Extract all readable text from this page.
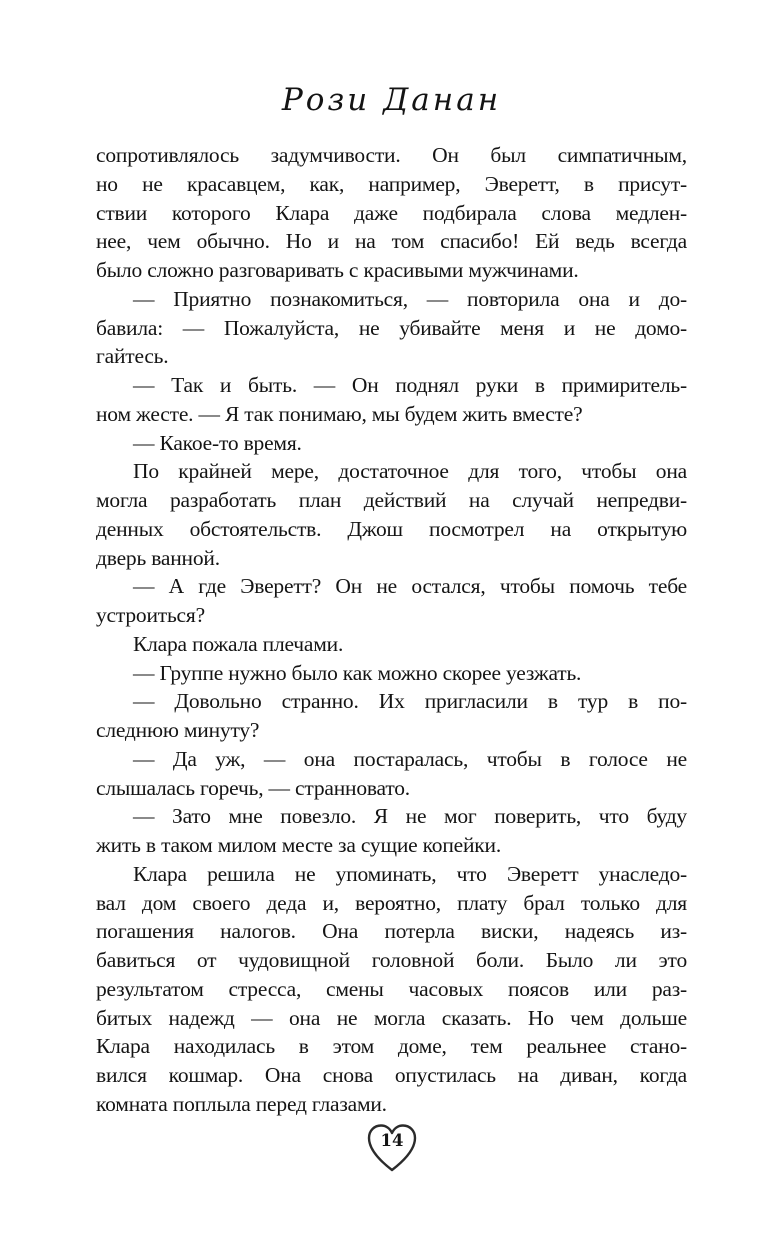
Рози Данан
сопротивлялось задумчивости. Он был симпатичным,
но не красавцем, как, например, Эверетт, в присут-
ствии которого Клара даже подбирала слова медлен-
нее, чем обычно. Но и на том спасибо! Ей ведь всегда
было сложно разговаривать с красивыми мужчинами.
— Приятно познакомиться, — повторила она и до-
бавила: — Пожалуйста, не убивайте меня и не домо-
гайтесь.
— Так и быть. — Он поднял руки в примиритель-
ном жесте. — Я так понимаю, мы будем жить вместе?
— Какое-то время.
По крайней мере, достаточное для того, чтобы она
могла разработать план действий на случай непредви-
денных обстоятельств. Джош посмотрел на открытую
дверь ванной.
— А где Эверетт? Он не остался, чтобы помочь тебе
устроиться?
Клара пожала плечами.
— Группе нужно было как можно скорее уезжать.
— Довольно странно. Их пригласили в тур в по-
следнюю минуту?
— Да уж, — она постаралась, чтобы в голосе не
слышалась горечь, — странновато.
— Зато мне повезло. Я не мог поверить, что буду
жить в таком милом месте за сущие копейки.
Клара решила не упоминать, что Эверетт унаследо-
вал дом своего деда и, вероятно, плату брал только для
погашения налогов. Она потерла виски, надеясь из-
бавиться от чудовищной головной боли. Было ли это
результатом стресса, смены часовых поясов или раз-
битых надежд — она не могла сказать. Но чем дольше
Клара находилась в этом доме, тем реальнее стано-
вился кошмар. Она снова опустилась на диван, когда
комната поплыла перед глазами.
14
